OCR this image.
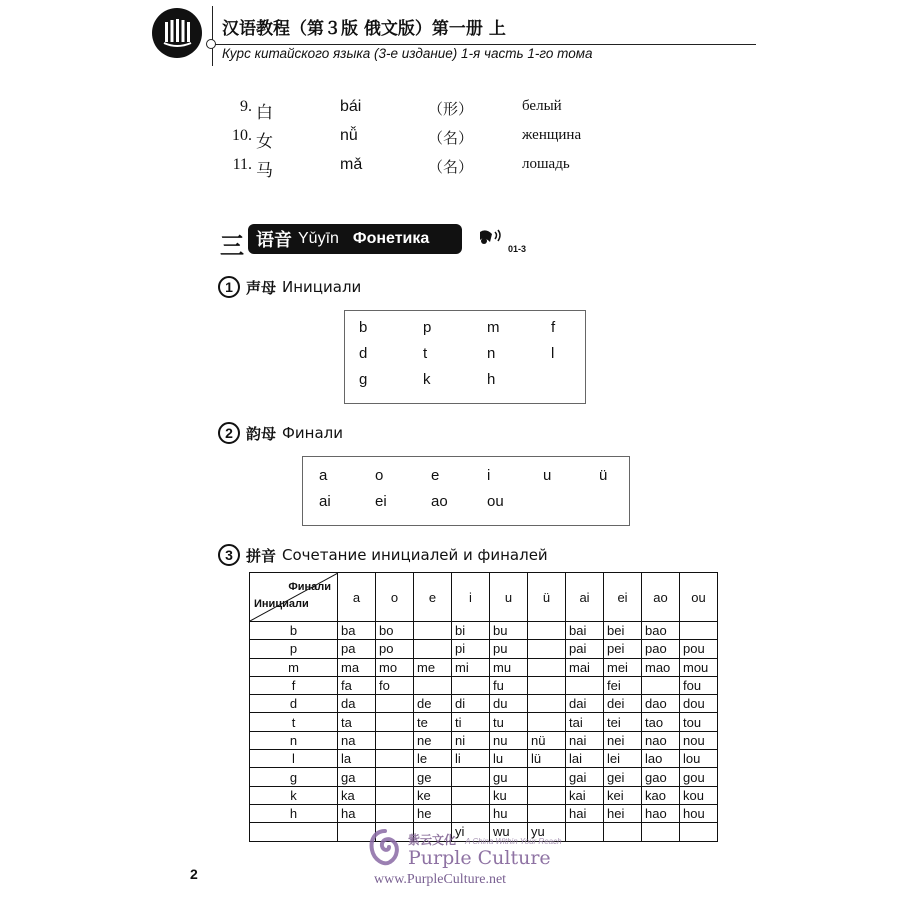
汉语教程（第３版 俄文版）第一册 上
Курс китайского языка (3-е издание) 1-я часть 1-го тома
9. 白	bái	（形）	белый
10. 女	nǚ	（名）	женщина
11. 马	mǎ	（名）	лошадь
三 语音 Yǔyīn Фонетика
01-3
1 声母 Инициали
b	p	m	f
d	t	n	l
g	k	h
2 韵母 Финали
a	o	e	i	u	ü
ai	ei	ao	ou
3 拼音 Сочетание инициалей и финалей
Финали
Инициали	a	o	e	i	u	ü	ai	ei	ao	ou
b	ba	bo		bi	bu		bai	bei	bao	
p	pa	po		pi	pu		pai	pei	pao	pou
m	ma	mo	me	mi	mu		mai	mei	mao	mou
f	fa	fo			fu			fei		fou
d	da		de	di	du		dai	dei	dao	dou
t	ta		te	ti	tu		tai	tei	tao	tou
n	na		ne	ni	nu	nü	nai	nei	nao	nou
l	la		le	li	lu	lü	lai	lei	lao	lou
g	ga		ge		gu		gai	gei	gao	gou
k	ka		ke		ku		kai	kei	kao	kou
h	ha		he		hu		hai	hei	hao	hou
				yi	wu	yu				
2
紫云文化 A China Within Your Reach
Purple Culture
www.PurpleCulture.net
